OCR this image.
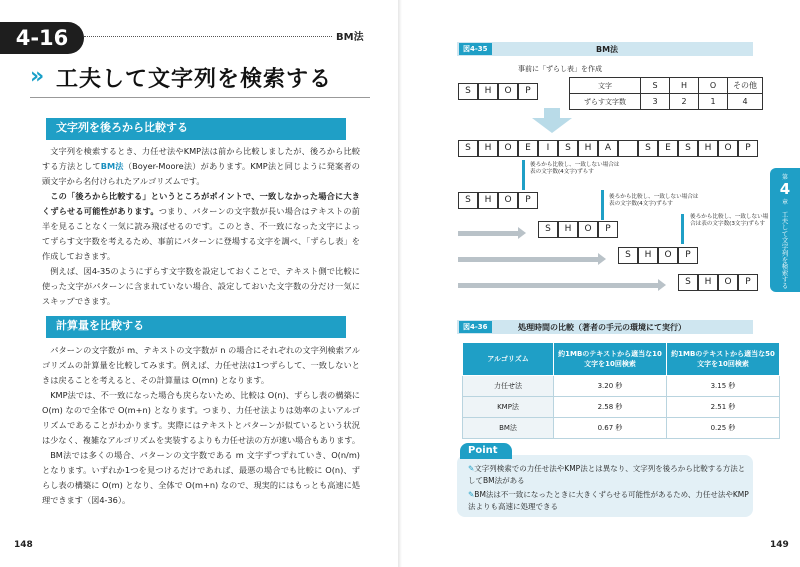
4-16	BM法
» 工夫して文字列を検索する
文字列を後ろから比較する

文字列を検索するとき、力任せ法やKMP法は前から比較しましたが、後ろから比較する方法としてBM法（Boyer-Moore法）があります。KMP法と同じように発案者の頭文字から名付けられたアルゴリズムです。

この「後ろから比較する」というところがポイントで、一致しなかった場合に大きくずらせる可能性があります。つまり、パターンの文字数が長い場合はテキストの前半を見ることなく一気に読み飛ばせるのです。このとき、不一致になった文字によってずらす文字数を考えるため、事前にパターンに登場する文字を調べ、「ずらし表」を作成しておきます。

例えば、図4-35のようにずらす文字数を設定しておくことで、テキスト側で比較に使った文字がパターンに含まれていない場合、設定しておいた文字数の分だけ一気にスキップできます。

計算量を比較する

パターンの文字数が m、テキストの文字数が n の場合にそれぞれの文字列検索アルゴリズムの計算量を比較してみます。例えば、力任せ法は1つずらして、一致しないときは戻ることを考えると、その計算量は O(mn) となります。

KMP法では、不一致になった場合も戻らないため、比較は O(n)、ずらし表の構築に O(m) なので全体で O(m+n) となります。つまり、力任せ法よりは効率のよいアルゴリズムであることがわかります。実際にはテキストとパターンが似ているという状況は少なく、複雑なアルゴリズムを実装するよりも力任せ法の方が速い場合もあります。

BM法では多くの場合、パターンの文字数である m 文字ずつずれていき、O(n/m) となります。いずれか1つを見つけるだけであれば、最悪の場合でも比較に O(n)、ずらし表の構築に O(m) となり、全体で O(m+n) なので、現実的にはもっとも高速に処理できます（図4-36）。

148
図4-35	BM法
事前に「ずらし表」を作成
S	H	O	P
文字	S	H	O	その他
ずらす文字数	3	2	1	4
S	H	O	E	I	S	H	A	S	E	S	H	O	P
S	H	O	P
S	H	O	P
S	H	O	P
S	H	O	P
後ろから比較し、一致しない場合は表の文字数(4文字)ずらす
後ろから比較し、一致しない場合は表の文字数(4文字)ずらす
後ろから比較し、一致しない場合は表の文字数(3文字)ずらす
第
4
章
工夫して文字列を検索する
図4-36	処理時間の比較（著者の手元の環境にて実行）
アルゴリズム	約1MBのテキストから適当な10文字を10回検索	約1MBのテキストから適当な50文字を10回検索
力任せ法	3.20 秒	3.15 秒
KMP法	2.58 秒	2.51 秒
BM法	0.67 秒	0.25 秒
Point
✎文字列検索での力任せ法やKMP法とは異なり、文字列を後ろから比較する方法としてBM法がある
✎BM法は不一致になったときに大きくずらせる可能性があるため、力任せ法やKMP法よりも高速に処理できる
149
